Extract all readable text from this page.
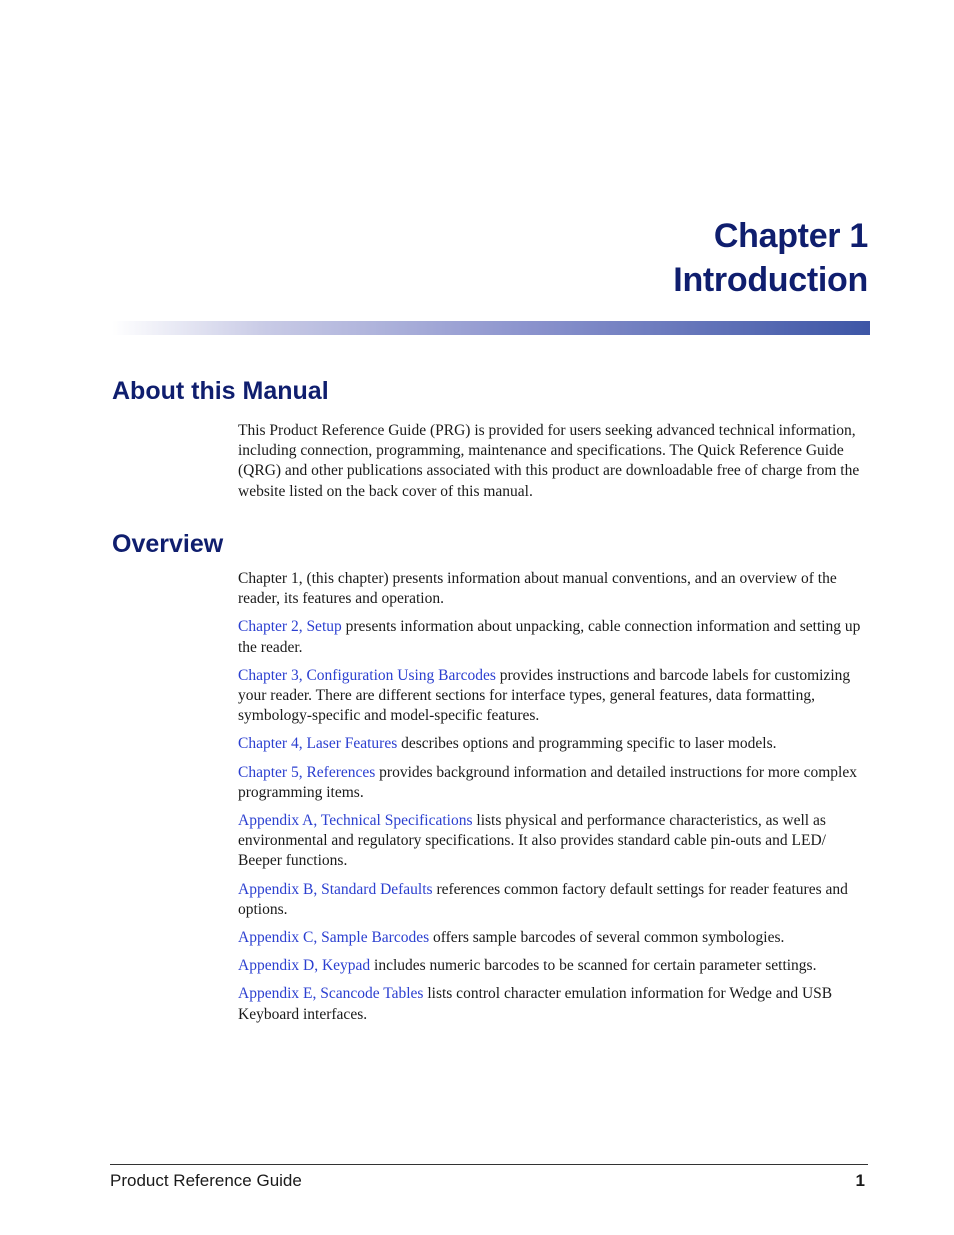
Chapter 1
Introduction
About this Manual

This Product Reference Guide (PRG) is provided for users seeking advanced technical information, including connection, programming, maintenance and specifications. The Quick Reference Guide (QRG) and other publications associated with this product are downloadable free of charge from the website listed on the back cover of this manual.

Overview

Chapter 1, (this chapter) presents information about manual conventions, and an overview of the reader, its features and operation.

Chapter 2, Setup presents information about unpacking, cable connection information and setting up the reader.

Chapter 3, Configuration Using Barcodes provides instructions and barcode labels for customizing your reader. There are different sections for interface types, general features, data formatting, symbology-specific and model-specific features.

Chapter 4, Laser Features describes options and programming specific to laser models.

Chapter 5, References provides background information and detailed instructions for more complex programming items.

Appendix A, Technical Specifications lists physical and performance characteristics, as well as environmental and regulatory specifications. It also provides standard cable pin-outs and LED/ Beeper functions.

Appendix B, Standard Defaults references common factory default settings for reader features and options.

Appendix C, Sample Barcodes offers sample barcodes of several common symbologies.

Appendix D, Keypad includes numeric barcodes to be scanned for certain parameter settings.

Appendix E, Scancode Tables lists control character emulation information for Wedge and USB Keyboard interfaces.

Product Reference Guide	1
